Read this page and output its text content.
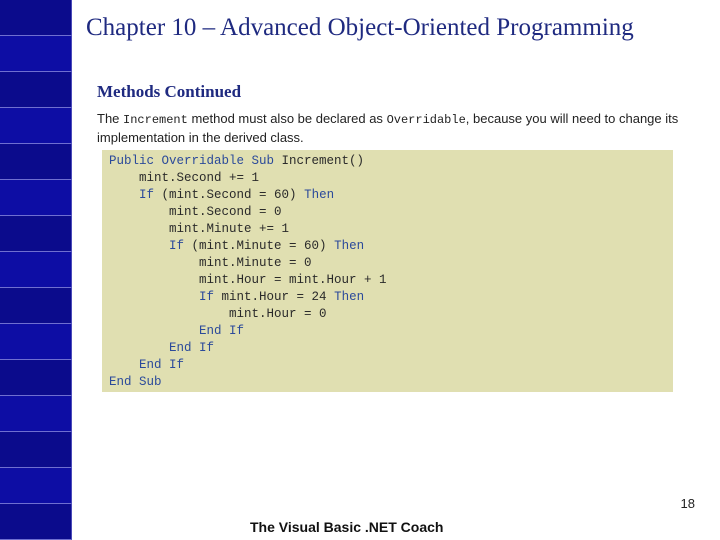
Chapter 10 – Advanced Object-Oriented Programming
Methods Continued
The Increment method must also be declared as Overridable, because you will need to change its implementation in the derived class.
Public Overridable Sub Increment()
mint.Second += 1
If (mint.Second = 60) Then
mint.Second = 0
mint.Minute += 1
If (mint.Minute = 60) Then
mint.Minute = 0
mint.Hour = mint.Hour + 1
If mint.Hour = 24 Then
mint.Hour = 0
End If
End If
End If
End Sub
18
The Visual Basic .NET Coach
